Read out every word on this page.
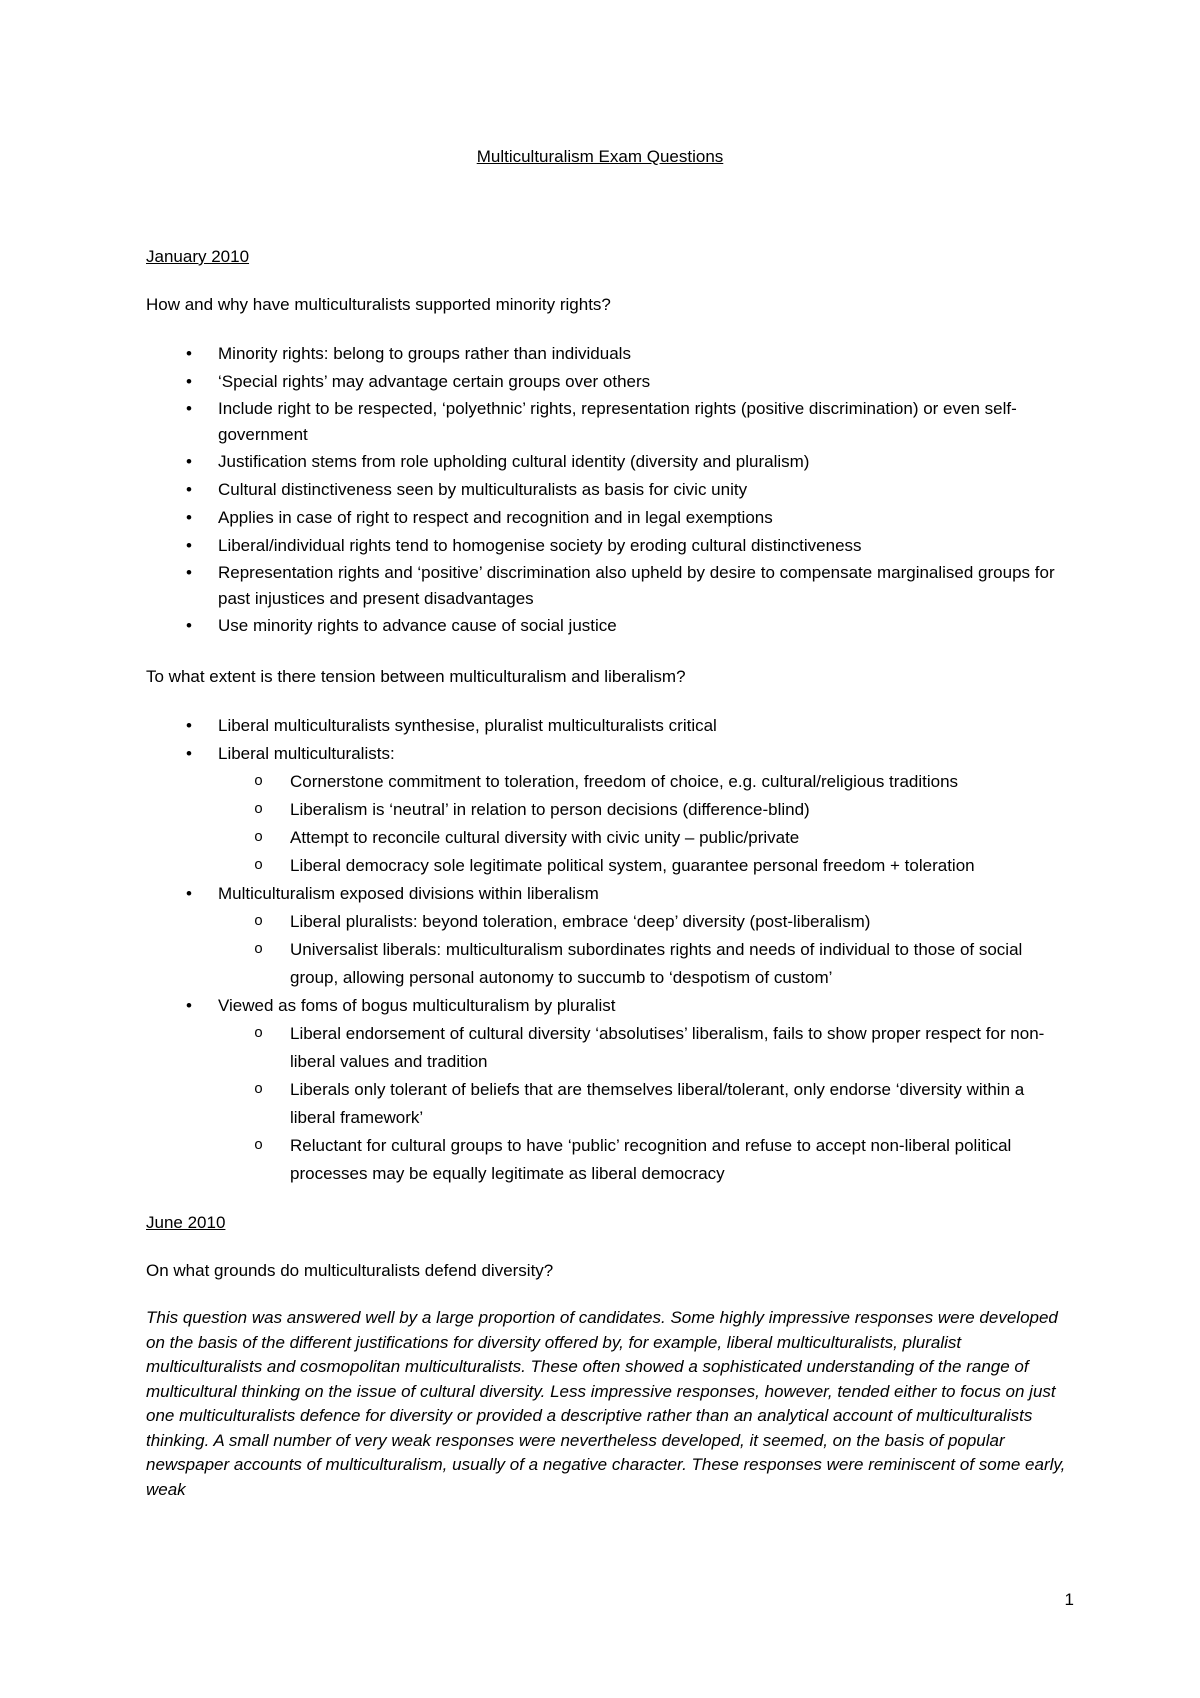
Multiculturalism Exam Questions

January 2010

How and why have multiculturalists supported minority rights?

• Minority rights: belong to groups rather than individuals
• ‘Special rights’ may advantage certain groups over others
• Include right to be respected, ‘polyethnic’ rights, representation rights (positive discrimination) or even self-government
• Justification stems from role upholding cultural identity (diversity and pluralism)
• Cultural distinctiveness seen by multiculturalists as basis for civic unity
• Applies in case of right to respect and recognition and in legal exemptions
• Liberal/individual rights tend to homogenise society by eroding cultural distinctiveness
• Representation rights and ‘positive’ discrimination also upheld by desire to compensate marginalised groups for past injustices and present disadvantages
• Use minority rights to advance cause of social justice

To what extent is there tension between multiculturalism and liberalism?

• Liberal multiculturalists synthesise, pluralist multiculturalists critical
• Liberal multiculturalists:
o Cornerstone commitment to toleration, freedom of choice, e.g. cultural/religious traditions
o Liberalism is ‘neutral’ in relation to person decisions (difference-blind)
o Attempt to reconcile cultural diversity with civic unity – public/private
o Liberal democracy sole legitimate political system, guarantee personal freedom + toleration
• Multiculturalism exposed divisions within liberalism
o Liberal pluralists: beyond toleration, embrace ‘deep’ diversity (post-liberalism)
o Universalist liberals: multiculturalism subordinates rights and needs of individual to those of social group, allowing personal autonomy to succumb to ‘despotism of custom’
• Viewed as foms of bogus multiculturalism by pluralist
o Liberal endorsement of cultural diversity ‘absolutises’ liberalism, fails to show proper respect for non-liberal values and tradition
o Liberals only tolerant of beliefs that are themselves liberal/tolerant, only endorse ‘diversity within a liberal framework’
o Reluctant for cultural groups to have ‘public’ recognition and refuse to accept non-liberal political processes may be equally legitimate as liberal democracy

June 2010

On what grounds do multiculturalists defend diversity?

This question was answered well by a large proportion of candidates. Some highly impressive responses were developed on the basis of the different justifications for diversity offered by, for example, liberal multiculturalists, pluralist multiculturalists and cosmopolitan multiculturalists. These often showed a sophisticated understanding of the range of multicultural thinking on the issue of cultural diversity. Less impressive responses, however, tended either to focus on just one multiculturalists defence for diversity or provided a descriptive rather than an analytical account of multiculturalists thinking. A small number of very weak responses were nevertheless developed, it seemed, on the basis of popular newspaper accounts of multiculturalism, usually of a negative character. These responses were reminiscent of some early, weak

1
